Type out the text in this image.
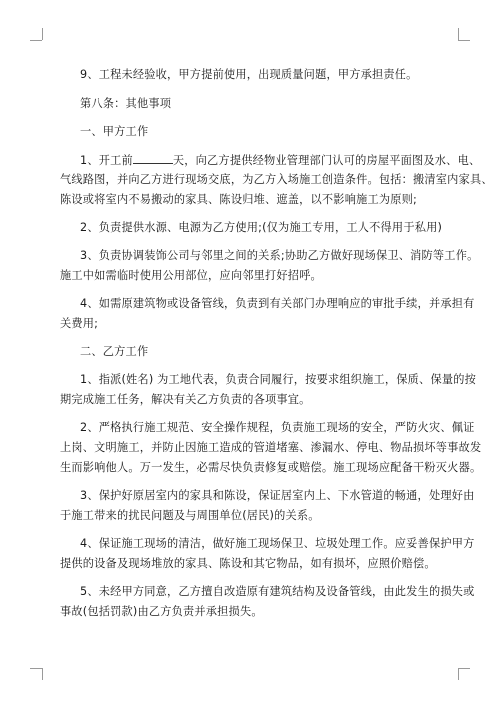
9、工程未经验收，甲方提前使用，出现质量问题，甲方承担责任。
第八条：其他事项
一、甲方工作
1、开工前	天，向乙方提供经物业管理部门认可的房屋平面图及水、电、
气线路图，并向乙方进行现场交底，为乙方入场施工创造条件。包括：搬清室内家具、
陈设或将室内不易搬动的家具、陈设归堆、遮盖，以不影响施工为原则;
2、负责提供水源、电源为乙方使用;(仅为施工专用，工人不得用于私用)
3、负责协调装饰公司与邻里之间的关系;协助乙方做好现场保卫、消防等工作。
施工中如需临时使用公用部位，应向邻里打好招呼。
4、如需原建筑物或设备管线，负责到有关部门办理响应的审批手续，并承担有
关费用;
二、乙方工作
1、指派(姓名) 为工地代表，负责合同履行，按要求组织施工，保质、保量的按
期完成施工任务，解决有关乙方负责的各项事宜。
2、严格执行施工规范、安全操作规程，负责施工现场的安全，严防火灾、佩证
上岗、文明施工，并防止因施工造成的管道堵塞、渗漏水、停电、物品损坏等事故发
生而影响他人。万一发生，必需尽快负责修复或赔偿。施工现场应配备干粉灭火器。
3、保护好原居室内的家具和陈设，保证居室内上、下水管道的畅通，处理好由
于施工带来的扰民问题及与周围单位(居民)的关系。
4、保证施工现场的清洁，做好施工现场保卫、垃圾处理工作。应妥善保护甲方
提供的设备及现场堆放的家具、陈设和其它物品，如有损坏，应照价赔偿。
5、未经甲方同意，乙方擅自改造原有建筑结构及设备管线，由此发生的损失或
事故(包括罚款)由乙方负责并承担损失。
